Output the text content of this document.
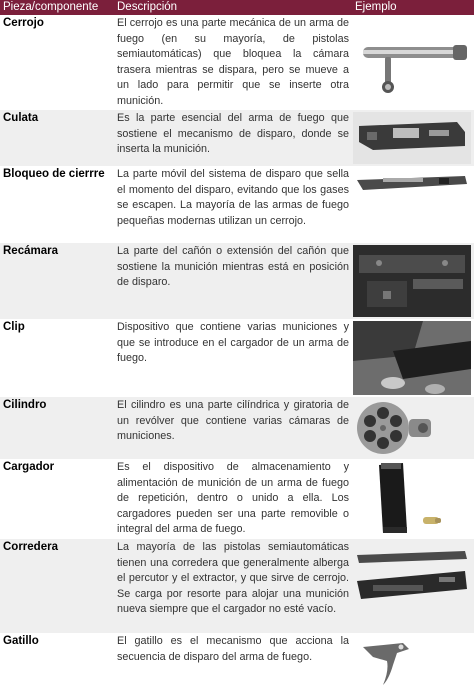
Pieza/componente	Descripción	Ejemplo
Cerrojo	El cerrojo es una parte mecánica de un arma de fuego (en su mayoría, de pistolas semiautomáticas) que bloquea la cámara trasera mientras se dispara, pero se mueve a un lado para permitir que se inserte otra munición.
Culata	Es la parte esencial del arma de fuego que sostiene el mecanismo de disparo, donde se inserta la munición.
Bloqueo de cierrre	La parte móvil del sistema de disparo que sella el momento del disparo, evitando que los gases se escapen. La mayoría de las armas de fuego pequeñas modernas utilizan un cerrojo.
Recámara	La parte del cañón o extensión del cañón que sostiene la munición mientras está en posición de disparo.
Clip	Dispositivo que contiene varias municiones y que se introduce en el cargador de un arma de fuego.
Cilindro	El cilindro es una parte cilíndrica y giratoria de un revólver que contiene varias cámaras de municiones.
Cargador	Es el dispositivo de almacenamiento y alimentación de munición de un arma de fuego de repetición, dentro o unido a ella. Los cargadores pueden ser una parte removible o integral del arma de fuego.
Corredera	La mayoría de las pistolas semiautomáticas tienen una corredera que generalmente alberga el percutor y el extractor, y que sirve de cerrojo. Se carga por resorte para alojar una munición nueva siempre que el cargador no esté vacío.
Gatillo	El gatillo es el mecanismo que acciona la secuencia de disparo del arma de fuego.
